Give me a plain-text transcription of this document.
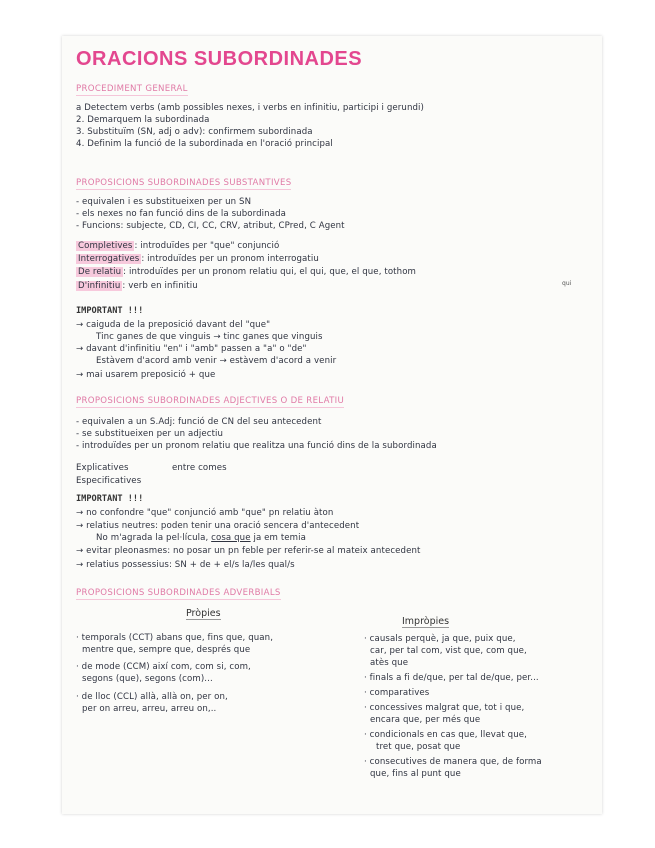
ORACIONS SUBORDINADES
PROCEDIMENT GENERAL
a Detectem verbs (amb possibles nexes, i verbs en infinitiu, participi i gerundi)
2. Demarquem la subordinada
3. Substituïm (SN, adj o adv): confirmem subordinada
4. Definim la funció de la subordinada en l'oració principal
PROPOSICIONS SUBORDINADES SUBSTANTIVES
- equivalen i es substitueixen per un SN
- els nexes no fan funció dins de la subordinada
- Funcions: subjecte, CD, CI, CC, CRV, atribut, CPred, C Agent
Completives : introduïdes per "que" conjunció
Interrogatives : introduïdes per un pronom interrogatiu
De relatiu : introduïdes per un pronom relatiu qui, el qui, que, el que, tothom
qui
D'infinitiu : verb en infinitiu
IMPORTANT !!!
→ caiguda de la preposició davant del "que"
Tinc ganes de que vinguis → tinc ganes que vinguis
→ davant d'infinitiu "en" i "amb" passen a "a" o "de"
Estàvem d'acord amb venir → estàvem d'acord a venir
→ mai usarem preposició + que
PROPOSICIONS SUBORDINADES ADJECTIVES O DE RELATIU
- equivalen a un S.Adj: funció de CN del seu antecedent
- se substitueixen per un adjectiu
- introduïdes per un pronom relatiu que realitza una funció dins de la subordinada
Explicatives	entre comes
Especificatives
IMPORTANT !!!
→ no confondre "que" conjunció amb "que" pn relatiu àton
→ relatius neutres: poden tenir una oració sencera d'antecedent
No m'agrada la pel·lícula, cosa que ja em temia
→ evitar pleonasmes: no posar un pn feble per referir-se al mateix antecedent
→ relatius possessius: SN + de + el/s la/les qual/s
PROPOSICIONS SUBORDINADES ADVERBIALS
Pròpies
Impròpies
· temporals (CCT) abans que, fins que, quan,
mentre que, sempre que, després que
· de mode (CCM) així com, com si, com,
segons (que), segons (com)...
· de lloc (CCL) allà, allà on, per on,
per on arreu, arreu, arreu on,..
· causals perquè, ja que, puix que,
car, per tal com, vist que, com que,
atès que
· finals a fi de/que, per tal de/que, per...
· comparatives
· concessives malgrat que, tot i que,
encara que, per més que
· condicionals en cas que, llevat que,
tret que, posat que
· consecutives de manera que, de forma
que, fins al punt que
